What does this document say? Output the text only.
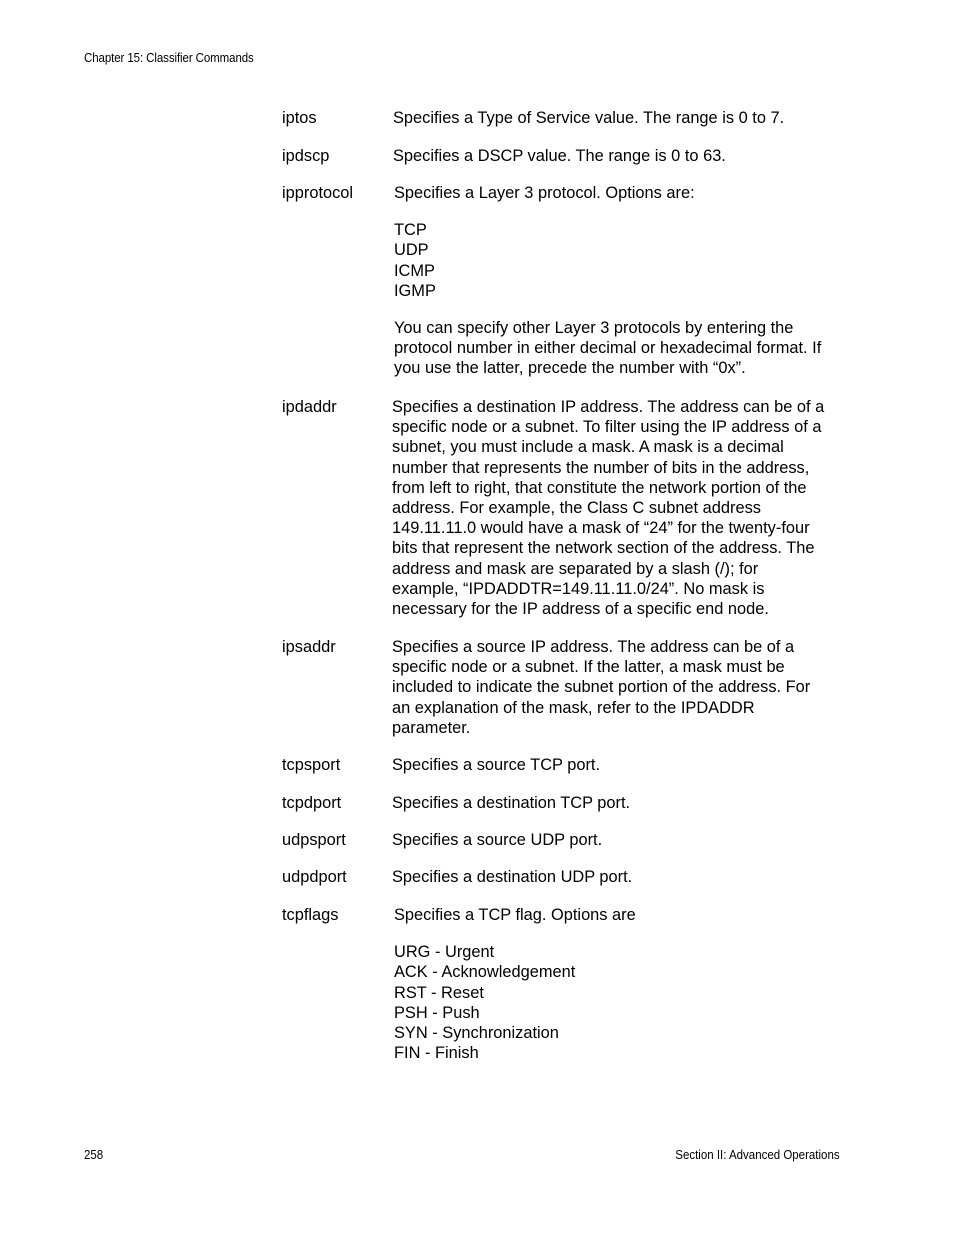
Chapter 15: Classifier Commands
iptos	Specifies a Type of Service value. The range is 0 to 7.
ipdscp	Specifies a DSCP value. The range is 0 to 63.
ipprotocol Specifies a Layer 3 protocol. Options are:
TCP
UDP
ICMP
IGMP
You can specify other Layer 3 protocols by entering the
protocol number in either decimal or hexadecimal format. If
you use the latter, precede the number with “0x”.
ipdaddr	Specifies a destination IP address. The address can be of a
specific node or a subnet. To filter using the IP address of a
subnet, you must include a mask. A mask is a decimal
number that represents the number of bits in the address,
from left to right, that constitute the network portion of the
address. For example, the Class C subnet address
149.11.11.0 would have a mask of “24” for the twenty-four
bits that represent the network section of the address. The
address and mask are separated by a slash (/); for
example, “IPDADDTR=149.11.11.0/24”. No mask is
necessary for the IP address of a specific end node.
ipsaddr	Specifies a source IP address. The address can be of a
specific node or a subnet. If the latter, a mask must be
included to indicate the subnet portion of the address. For
an explanation of the mask, refer to the IPDADDR
parameter.
tcpsport	Specifies a source TCP port.
tcpdport	Specifies a destination TCP port.
udpsport	Specifies a source UDP port.
udpdport	Specifies a destination UDP port.
tcpflags	Specifies a TCP flag. Options are
URG - Urgent
ACK - Acknowledgement
RST - Reset
PSH - Push
SYN - Synchronization
FIN - Finish
258	Section II: Advanced Operations
